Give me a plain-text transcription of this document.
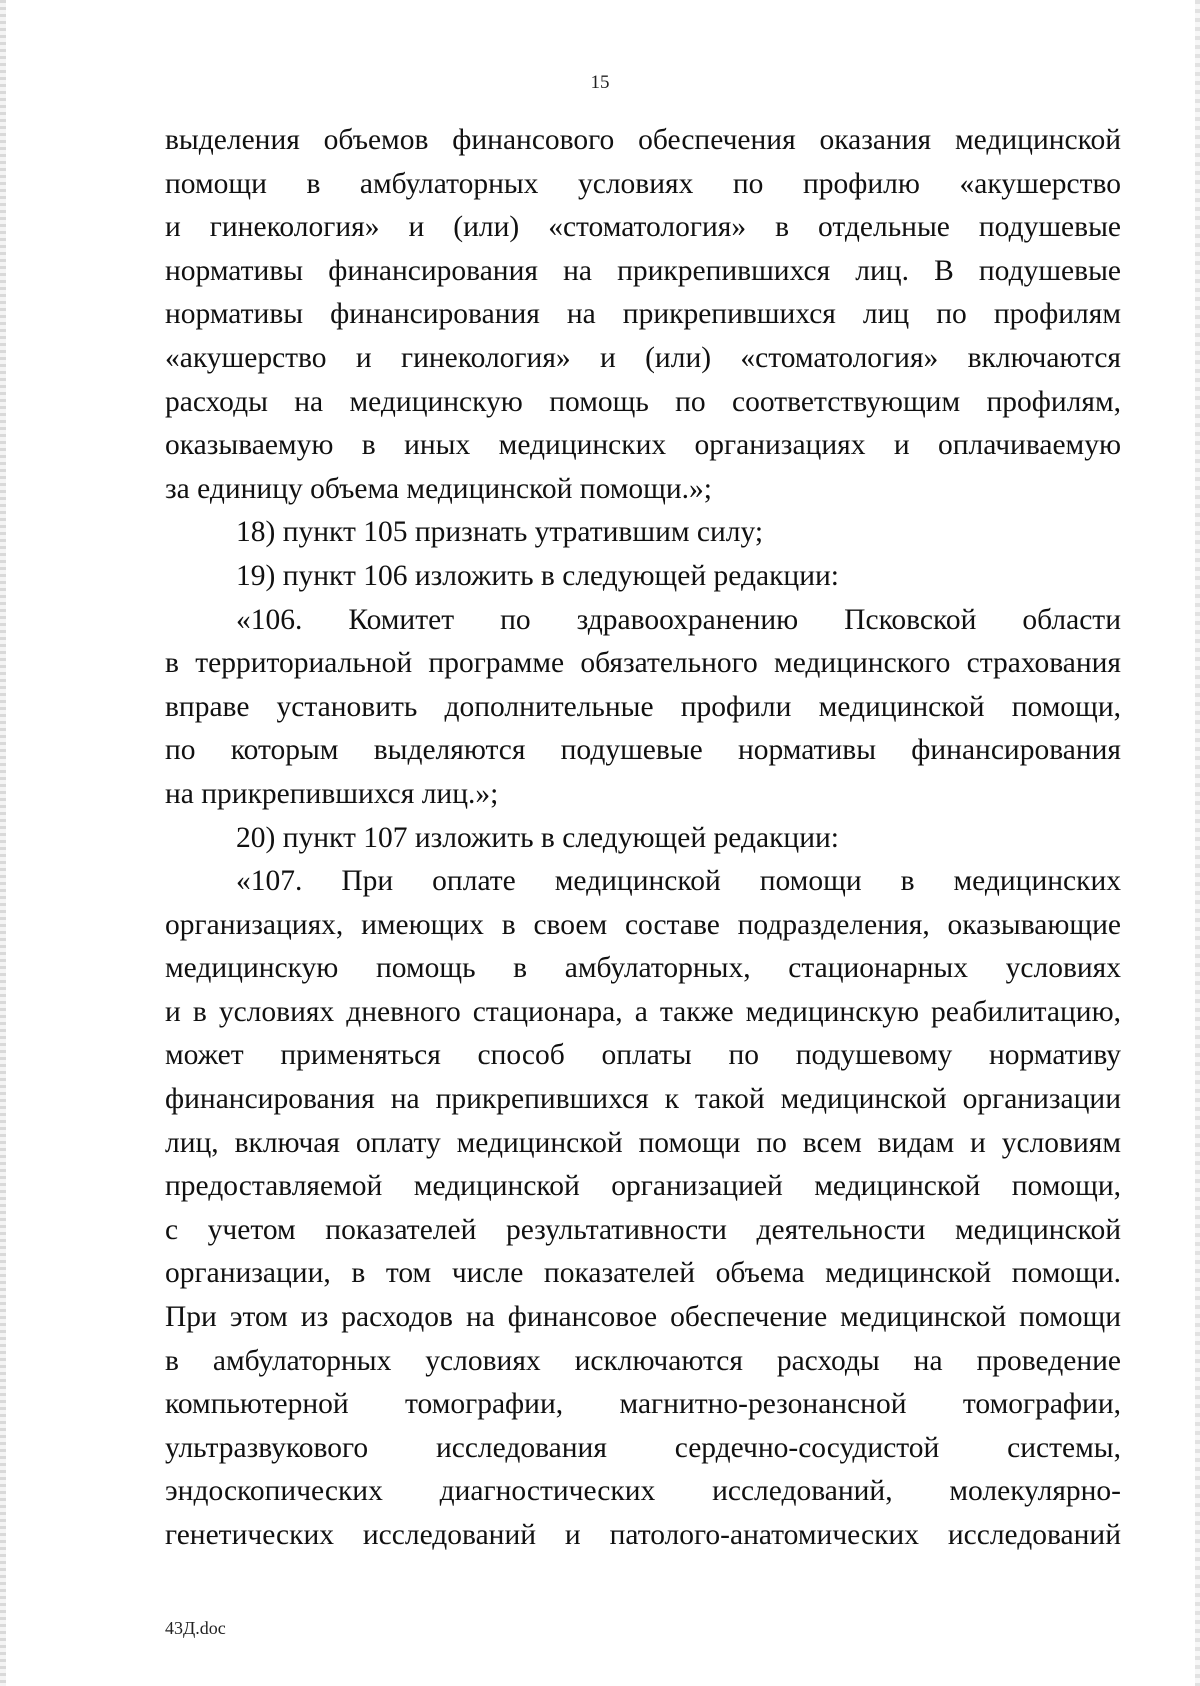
15
выделения объемов финансового обеспечения оказания медицинской
помощи в амбулаторных условиях по профилю «акушерство
и гинекология» и (или) «стоматология» в отдельные подушевые
нормативы финансирования на прикрепившихся лиц. В подушевые
нормативы финансирования на прикрепившихся лиц по профилям
«акушерство и гинекология» и (или) «стоматология» включаются
расходы на медицинскую помощь по соответствующим профилям,
оказываемую в иных медицинских организациях и оплачиваемую
за единицу объема медицинской помощи.»;
18) пункт 105 признать утратившим силу;
19) пункт 106 изложить в следующей редакции:
«106. Комитет по здравоохранению Псковской области
в территориальной программе обязательного медицинского страхования
вправе установить дополнительные профили медицинской помощи,
по которым выделяются подушевые нормативы финансирования
на прикрепившихся лиц.»;
20) пункт 107 изложить в следующей редакции:
«107. При оплате медицинской помощи в медицинских
организациях, имеющих в своем составе подразделения, оказывающие
медицинскую помощь в амбулаторных, стационарных условиях
и в условиях дневного стационара, а также медицинскую реабилитацию,
может применяться способ оплаты по подушевому нормативу
финансирования на прикрепившихся к такой медицинской организации
лиц, включая оплату медицинской помощи по всем видам и условиям
предоставляемой медицинской организацией медицинской помощи,
с учетом показателей результативности деятельности медицинской
организации, в том числе показателей объема медицинской помощи.
При этом из расходов на финансовое обеспечение медицинской помощи
в амбулаторных условиях исключаются расходы на проведение
компьютерной томографии, магнитно-резонансной томографии,
ультразвукового исследования сердечно-сосудистой системы,
эндоскопических диагностических исследований, молекулярно-
генетических исследований и патолого-анатомических исследований
43Д.doc
